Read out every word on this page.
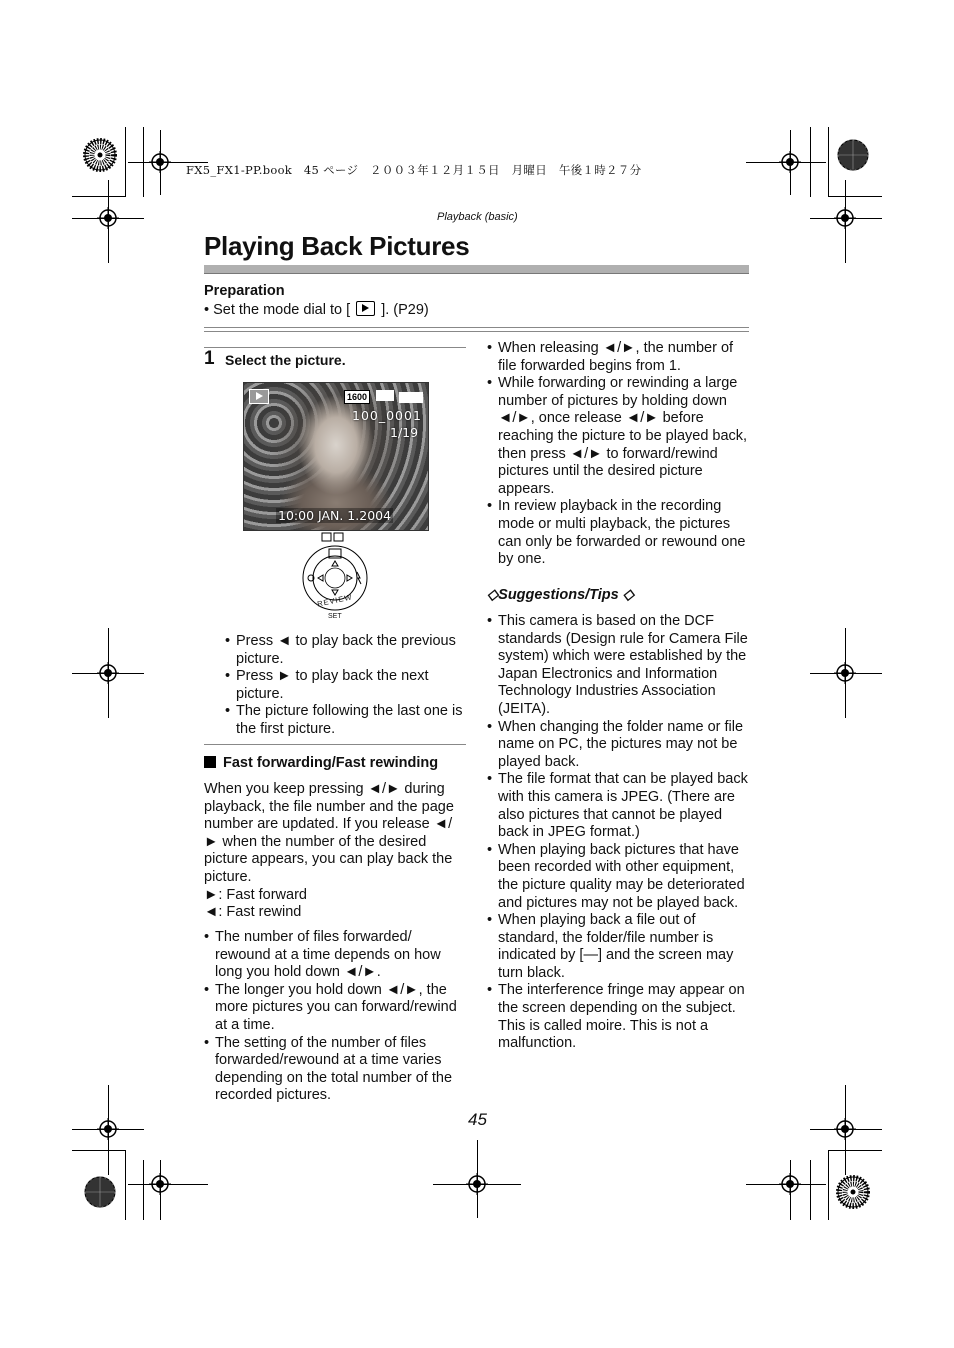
FX5_FX1-PP.book　45 ページ　２００３年１２月１５日　月曜日　午後１時２７分
Playback (basic)
Playing Back Pictures
Preparation
• Set the mode dial to [ ]. (P29)
1 Select the picture.
1600
100_0001
1/19
10:00 JAN. 1.2004
REVIEW
SET
• Press ◄ to play back the previous picture.
• Press ► to play back the next picture.
• The picture following the last one is the first picture.
Fast forwarding/Fast rewinding
When you keep pressing ◄/► during playback, the file number and the page number are updated. If you release ◄/► when the number of the desired picture appears, you can play back the picture.
►: Fast forward
◄: Fast rewind
• The number of files forwarded/ rewound at a time depends on how long you hold down ◄/►.
• The longer you hold down ◄/►, the more pictures you can forward/rewind at a time.
• The setting of the number of files forwarded/rewound at a time varies depending on the total number of the recorded pictures.
• When releasing ◄/►, the number of file forwarded begins from 1.
• While forwarding or rewinding a large number of pictures by holding down ◄/►, once release ◄/► before reaching the picture to be played back, then press ◄/► to forward/rewind pictures until the desired picture appears.
• In review playback in the recording mode or multi playback, the pictures can only be forwarded or rewound one by one.
◇Suggestions/Tips ◇
• This camera is based on the DCF standards (Design rule for Camera File system) which were established by the Japan Electronics and Information Technology Industries Association (JEITA).
• When changing the folder name or file name on PC, the pictures may not be played back.
• The file format that can be played back with this camera is JPEG. (There are also pictures that cannot be played back in JPEG format.)
• When playing back pictures that have been recorded with other equipment, the picture quality may be deteriorated and pictures may not be played back.
• When playing back a file out of standard, the folder/file number is indicated by [—] and the screen may turn black.
• The interference fringe may appear on the screen depending on the subject. This is called moire. This is not a malfunction.
45
